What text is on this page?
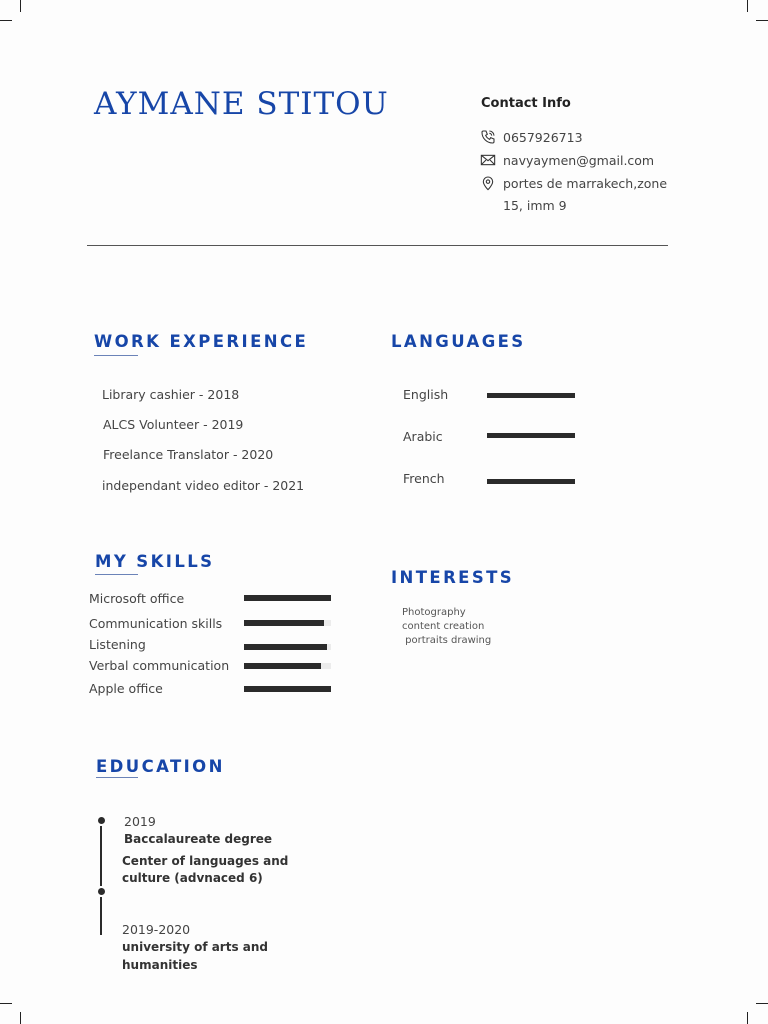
AYMANE STITOU	Contact Info
0657926713
navyaymen@gmail.com
portes de marrakech,zone
15, imm 9
WORK EXPERIENCE
Library cashier - 2018
ALCS Volunteer - 2019
Freelance Translator - 2020
independant video editor - 2021
LANGUAGES
English
Arabic
French
MY SKILLS
Microsoft office
Communication skills
Listening
Verbal communication
Apple office
INTERESTS
Photography
content creation
portraits drawing
EDUCATION
2019
Baccalaureate degree
Center of languages and
culture (advnaced 6)
2019-2020
university of arts and
humanities
